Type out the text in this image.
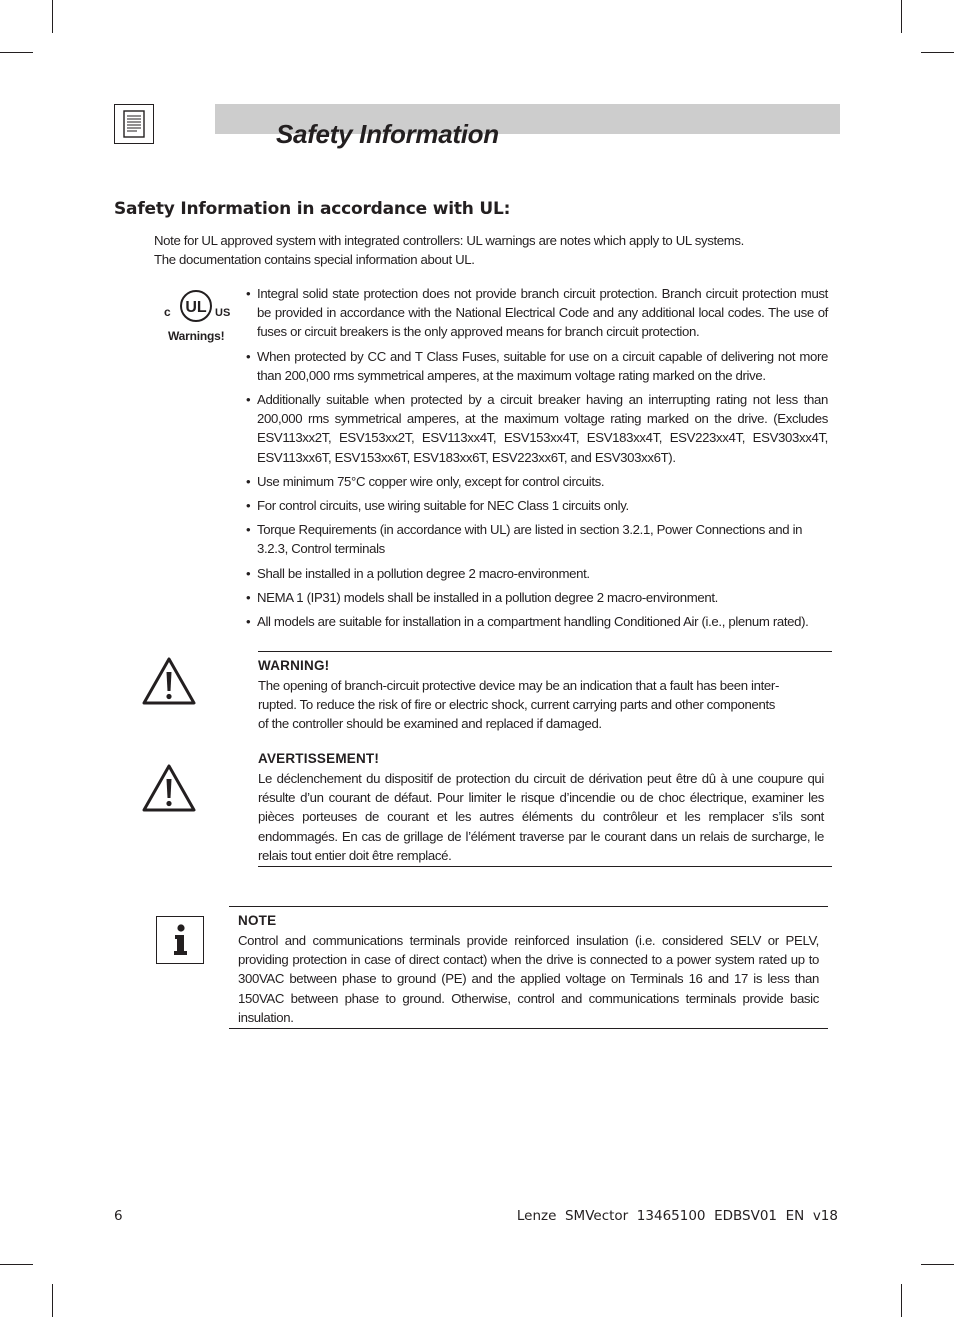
Safety Information
Safety Information in accordance with UL:
Note for UL approved system with integrated controllers: UL warnings are notes which apply to UL systems.
The documentation contains special information about UL.
UL
c	US
Warnings!
• Integral solid state protection does not provide branch circuit protection. Branch circuit protection must be provided in accordance with the National Electrical Code and any additional local codes. The use of fuses or circuit breakers is the only approved means for branch circuit protection.
• When protected by CC and T Class Fuses, suitable for use on a circuit capable of delivering not more than 200,000 rms symmetrical amperes, at the maximum voltage rating marked on the drive.
• Additionally suitable when protected by a circuit breaker having an interrupting rating not less than 200,000 rms symmetrical amperes, at the maximum voltage rating marked on the drive. (Excludes ESV113xx2T, ESV153xx2T, ESV113xx4T, ESV153xx4T, ESV183xx4T, ESV223xx4T, ESV303xx4T, ESV113xx6T, ESV153xx6T, ESV183xx6T, ESV223xx6T, and ESV303xx6T).
• Use minimum 75°C copper wire only, except for control circuits.
• For control circuits, use wiring suitable for NEC Class 1 circuits only.
• Torque Requirements (in accordance with UL) are listed in section 3.2.1, Power Connections and in 3.2.3, Control terminals
• Shall be installed in a pollution degree 2 macro-environment.
• NEMA 1 (IP31) models shall be installed in a pollution degree 2 macro-environment.
• All models are suitable for installation in a compartment handling Conditioned Air (i.e., plenum rated).
WARNING!
The opening of branch-circuit protective device may be an indication that a fault has been inter-
rupted. To reduce the risk of fire or electric shock, current carrying parts and other components
of the controller should be examined and replaced if damaged.
AVERTISSEMENT!
Le déclenchement du dispositif de protection du circuit de dérivation peut être dû à une coupure qui résulte d’un courant de défaut. Pour limiter le risque d’incendie ou de choc électrique, examiner les pièces porteuses de courant et les autres éléments du contrôleur et les remplacer s’ils sont endommagés. En cas de grillage de l’élément traverse par le courant dans un relais de surcharge, le relais tout entier doit être remplacé.
NOTE
Control and communications terminals provide reinforced insulation (i.e. considered SELV or PELV, providing protection in case of direct contact) when the drive is connected to a power system rated up to 300VAC between phase to ground (PE) and the applied voltage on Terminals 16 and 17 is less than 150VAC between phase to ground. Otherwise, control and communications terminals provide basic insulation.
6	Lenze  SMVector  13465100  EDBSV01  EN  v18
